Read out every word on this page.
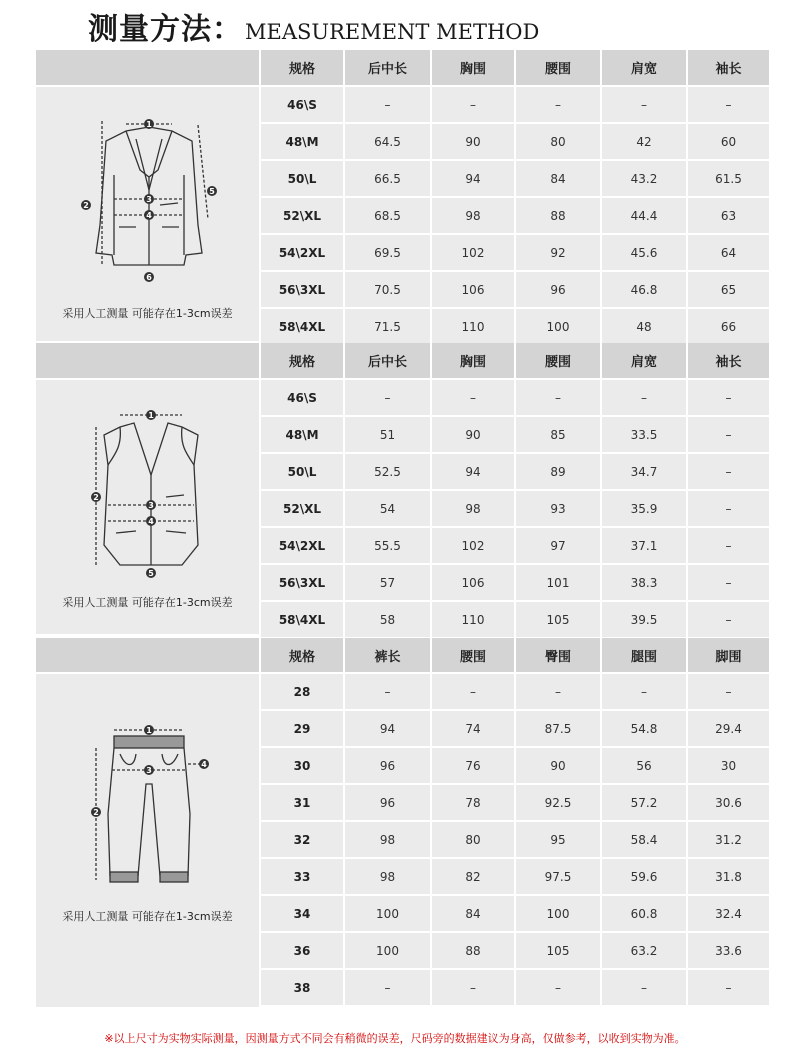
测量方法： MEASUREMENT METHOD
1
2
3
4
5
6
采用人工测量 可能存在1-3cm误差
规格	后中长	胸围	腰围	肩宽	袖长
46\S	–	–	–	–	–
48\M	64.5	90	80	42	60
50\L	66.5	94	84	43.2	61.5
52\XL	68.5	98	88	44.4	63
54\2XL	69.5	102	92	45.6	64
56\3XL	70.5	106	96	46.8	65
58\4XL	71.5	110	100	48	66
1
2
3
4
5
采用人工测量 可能存在1-3cm误差
规格	后中长	胸围	腰围	肩宽	袖长
46\S	–	–	–	–	–
48\M	51	90	85	33.5	–
50\L	52.5	94	89	34.7	–
52\XL	54	98	93	35.9	–
54\2XL	55.5	102	97	37.1	–
56\3XL	57	106	101	38.3	–
58\4XL	58	110	105	39.5	–
1
2
3
4
采用人工测量 可能存在1-3cm误差
规格	裤长	腰围	臀围	腿围	脚围
28	–	–	–	–	–
29	94	74	87.5	54.8	29.4
30	96	76	90	56	30
31	96	78	92.5	57.2	30.6
32	98	80	95	58.4	31.2
33	98	82	97.5	59.6	31.8
34	100	84	100	60.8	32.4
36	100	88	105	63.2	33.6
38	–	–	–	–	–
※以上尺寸为实物实际测量，因测量方式不同会有稍微的误差，尺码旁的数据建议为身高，仅做参考，以收到实物为准。
